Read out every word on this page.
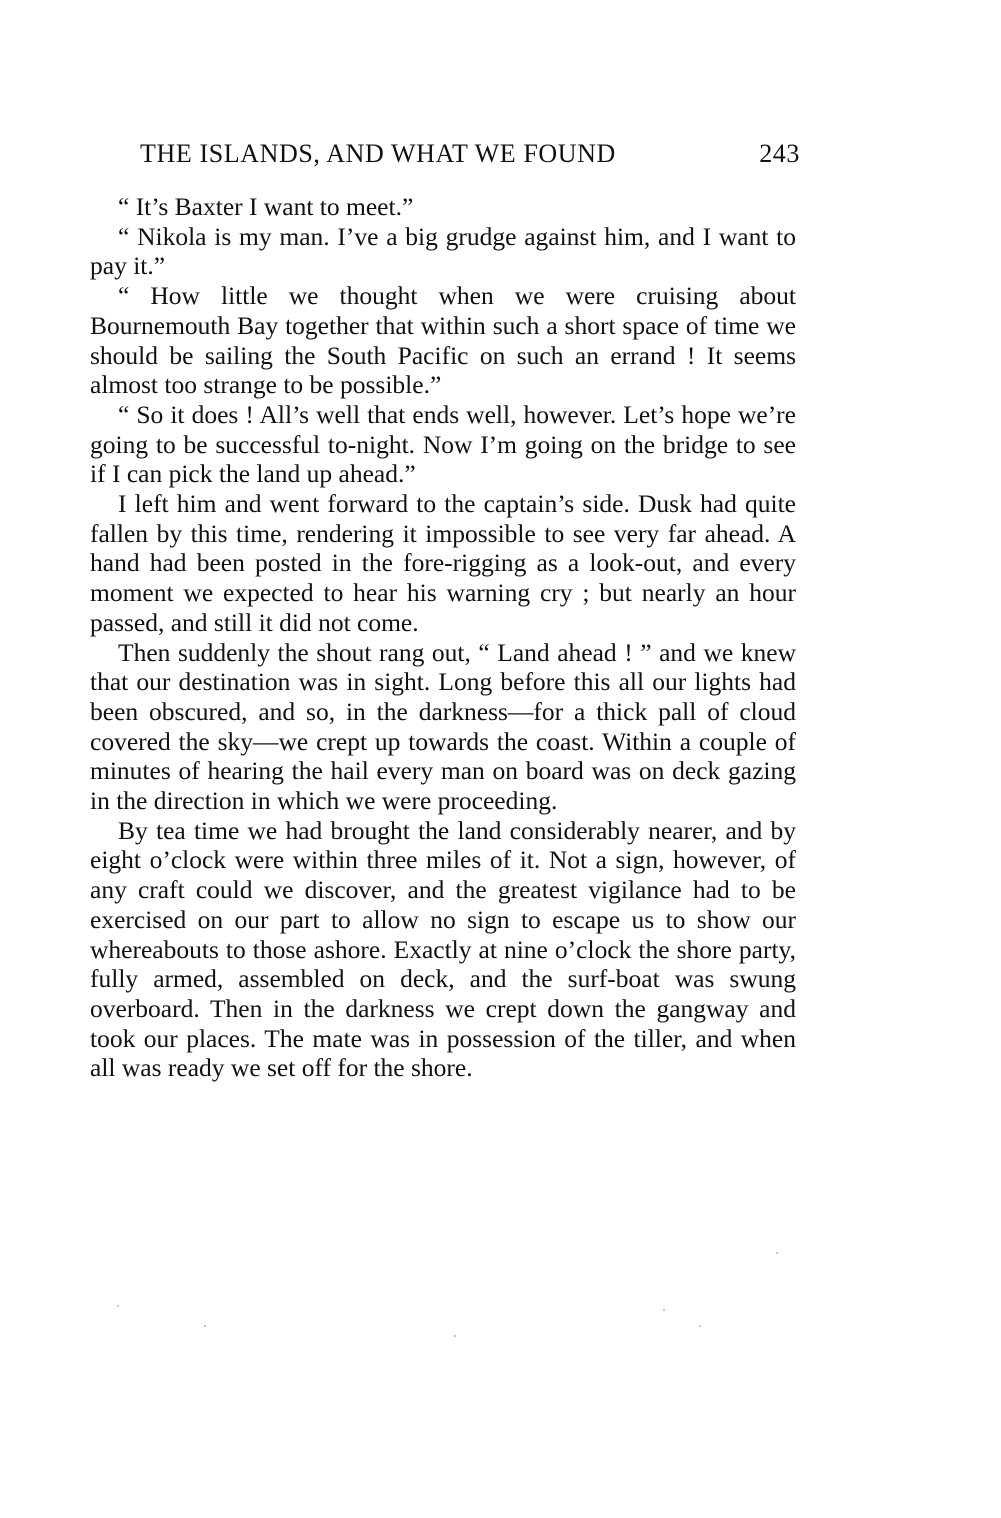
THE ISLANDS, AND WHAT WE FOUND	243

“ It’s Baxter I want to meet.”

“ Nikola is my man. I’ve a big grudge against him, and I want to pay it.”

“ How little we thought when we were cruising about Bournemouth Bay together that within such a short space of time we should be sailing the South Pacific on such an errand ! It seems almost too strange to be possible.”

“ So it does ! All’s well that ends well, however. Let’s hope we’re going to be successful to-night. Now I’m going on the bridge to see if I can pick the land up ahead.”

I left him and went forward to the captain’s side. Dusk had quite fallen by this time, rendering it impossible to see very far ahead. A hand had been posted in the fore-rigging as a look-out, and every moment we expected to hear his warning cry ; but nearly an hour passed, and still it did not come.

Then suddenly the shout rang out, “ Land ahead ! ” and we knew that our destination was in sight. Long before this all our lights had been obscured, and so, in the darkness—for a thick pall of cloud covered the sky—we crept up towards the coast. Within a couple of minutes of hearing the hail every man on board was on deck gazing in the direction in which we were proceeding.

By tea time we had brought the land considerably nearer, and by eight o’clock were within three miles of it. Not a sign, however, of any craft could we discover, and the greatest vigilance had to be exercised on our part to allow no sign to escape us to show our whereabouts to those ashore. Exactly at nine o’clock the shore party, fully armed, assembled on deck, and the surf-boat was swung overboard. Then in the darkness we crept down the gangway and took our places. The mate was in possession of the tiller, and when all was ready we set off for the shore.
